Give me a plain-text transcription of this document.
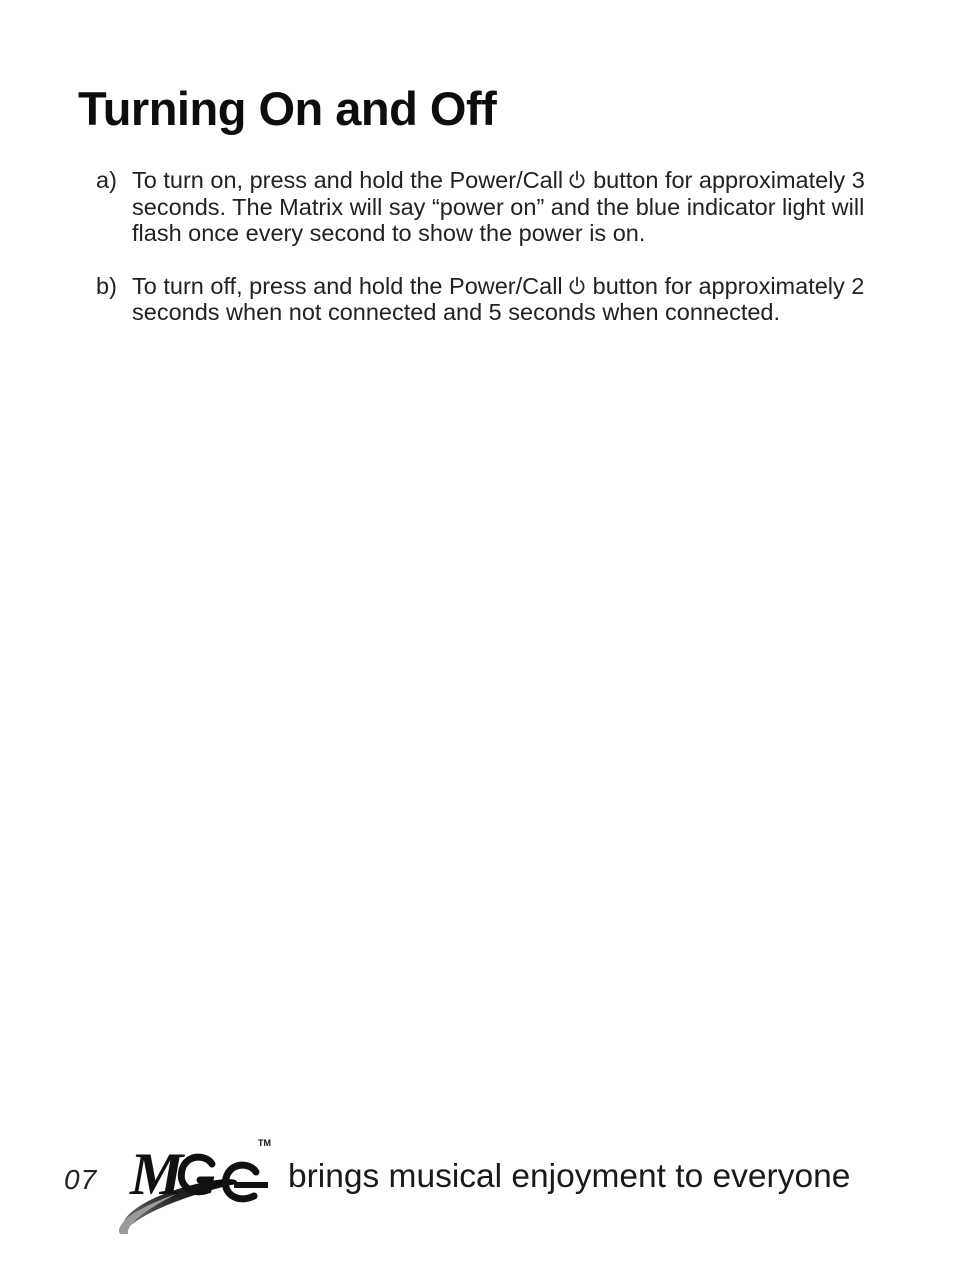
Turning On and Off
a) To turn on, press and hold the Power/Call button for approximately 3 seconds. The Matrix will say “power on” and the blue indicator light will flash once every second to show the power is on.
b) To turn off, press and hold the Power/Call button for approximately 2 seconds when not connected and 5 seconds when connected.
07 M	TM
brings musical enjoyment to everyone
